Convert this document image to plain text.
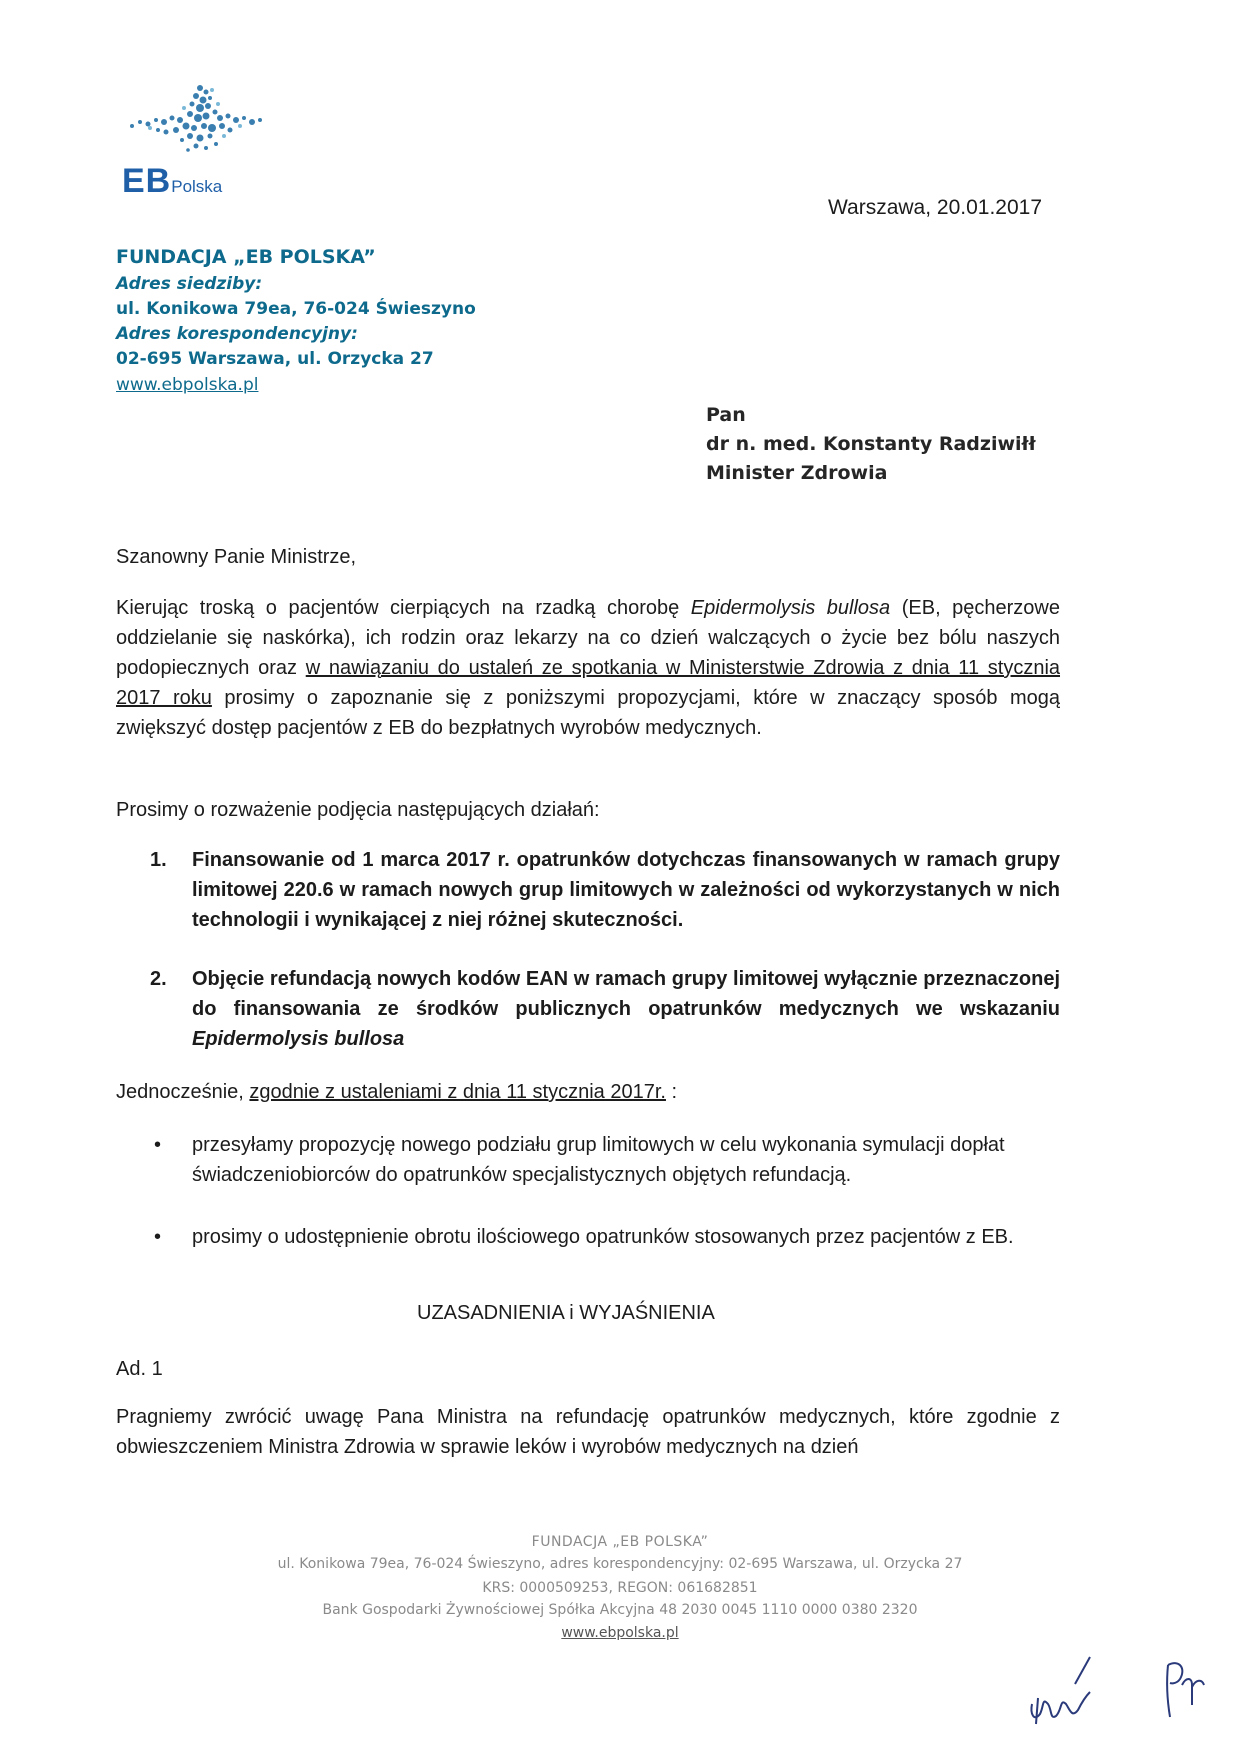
EBPolska
Warszawa, 20.01.2017
FUNDACJA „EB POLSKA”
Adres siedziby:
ul. Konikowa 79ea, 76-024 Świeszyno
Adres korespondencyjny:
02-695 Warszawa, ul. Orzycka 27
www.ebpolska.pl
Pan
dr n. med. Konstanty Radziwiłł
Minister Zdrowia
Szanowny Panie Ministrze,
Kierując troską o pacjentów cierpiących na rzadką chorobę Epidermolysis bullosa (EB, pęcherzowe oddzielanie się naskórka), ich rodzin oraz lekarzy na co dzień walczących o życie bez bólu naszych podopiecznych oraz w nawiązaniu do ustaleń ze spotkania w Ministerstwie Zdrowia z dnia 11 stycznia 2017 roku prosimy o zapoznanie się z poniższymi propozycjami, które w znaczący sposób mogą zwiększyć dostęp pacjentów z EB do bezpłatnych wyrobów medycznych.
Prosimy o rozważenie podjęcia następujących działań:
1. Finansowanie od 1 marca 2017 r. opatrunków dotychczas finansowanych w ramach grupy limitowej 220.6 w ramach nowych grup limitowych w zależności od wykorzystanych w nich technologii i wynikającej z niej różnej skuteczności.
2. Objęcie refundacją nowych kodów EAN w ramach grupy limitowej wyłącznie przeznaczonej do finansowania ze środków publicznych opatrunków medycznych we wskazaniu Epidermolysis bullosa
Jednocześnie, zgodnie z ustaleniami z dnia 11 stycznia 2017r. :
• przesyłamy propozycję nowego podziału grup limitowych w celu wykonania symulacji dopłat świadczeniobiorców do opatrunków specjalistycznych objętych refundacją.
• prosimy o udostępnienie obrotu ilościowego opatrunków stosowanych przez pacjentów z EB.
UZASADNIENIA i WYJAŚNIENIA
Ad. 1
Pragniemy zwrócić uwagę Pana Ministra na refundację opatrunków medycznych, które zgodnie z obwieszczeniem Ministra Zdrowia w sprawie leków i wyrobów medycznych na dzień
FUNDACJA „EB POLSKA”
ul. Konikowa 79ea, 76-024 Świeszyno, adres korespondencyjny: 02-695 Warszawa, ul. Orzycka 27
KRS: 0000509253, REGON: 061682851
Bank Gospodarki Żywnościowej Spółka Akcyjna 48 2030 0045 1110 0000 0380 2320
www.ebpolska.pl
